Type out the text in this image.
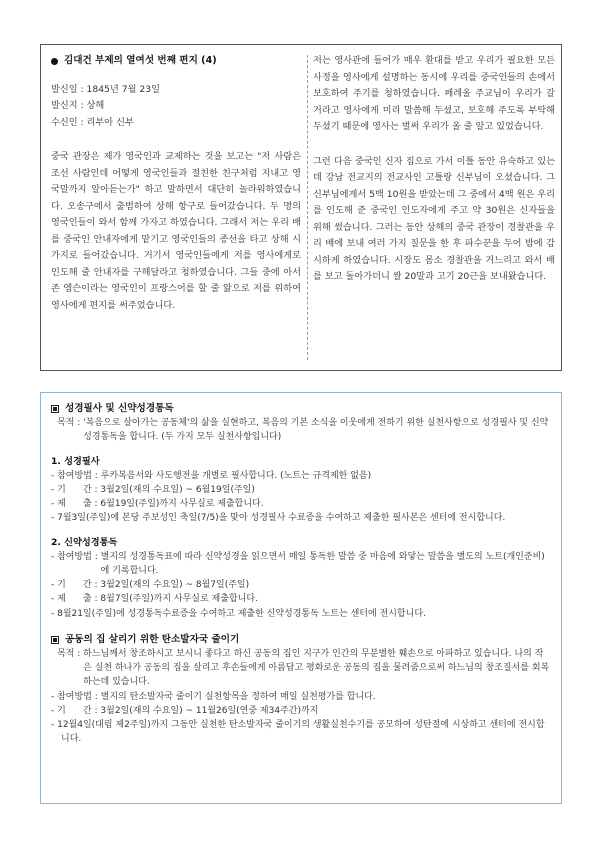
김대건 부제의 열여섯 번째 편지 (4)

발신일 : 1845년 7월 23일

발신지 : 상해

수신인 : 리부아 신부

중국 관장은 제가 영국인과 교제하는 것을 보고는 "저 사람은 조선 사람인데 어떻게 영국인들과 절친한 친구처럼 지내고 영국말까지 알아듣는가" 하고 말하면서 대단히 놀라워하였습니다. 오송구에서 출범하여 상해 항구로 들어갔습니다. 두 명의 영국인들이 와서 함께 가자고 하였습니다. 그래서 저는 우리 배를 중국인 안내자에게 맡기고 영국인들의 종선을 타고 상해 시가지로 들어갔습니다. 거기서 영국인들에게 저를 영사에게로 인도해 줄 안내자를 구해달라고 청하였습니다. 그들 중에 아서 존 엠슨이라는 영국인이 프랑스어를 할 줄 앎으로 저를 위하여 영사에게 편지를 써주었습니다.

저는 영사관에 들어가 매우 환대를 받고 우리가 필요한 모든 사정을 영사에게 설명하는 동시에 우리를 중국인들의 손에서 보호하여 주기를 청하였습니다. 페레올 주교님이 우리가 갈 거라고 영사에게 미리 말씀해 두셨고, 보호해 주도록 부탁해 두셨기 때문에 영사는 벌써 우리가 올 줄 알고 있었습니다.

그런 다음 중국인 신자 집으로 가서 이틀 동안 유숙하고 있는데 강남 전교지의 전교사인 고틀랑 신부님이 오셨습니다. 그 신부님에게서 5백 10원을 받았는데 그 중에서 4백 원은 우리를 인도해 준 중국인 인도자에게 주고 약 30원은 신자들을 위해 썼습니다. 그러는 동안 상해의 중국 관장이 경찰관을 우리 배에 보내 여러 가지 질문을 한 후 파수꾼을 두어 밤에 감시하게 하였습니다. 시장도 몸소 경찰관을 거느리고 와서 배를 보고 돌아가더니 쌀 20말과 고기 20근을 보내왔습니다.

성경필사 및 신약성경통독

목적 : '복음으로 살아가는 공동체'의 삶을 실현하고, 복음의 기본 소식을 이웃에게 전하기 위한 실천사항으로 성경필사 및 신약성경통독을 합니다. (두 가지 모두 실천사항입니다)

1. 성경필사

- 참여방법 : 루카복음서와 사도행전을 개별로 필사합니다. (노트는 규격제한 없음)
- 기      간 : 3월2일(재의 수요일) ~ 6월19일(주일)
- 제      출 : 6월19일(주일)까지 사무실로 제출합니다.

- 7월3일(주일)에 본당 주보성인 축일(7/5)을 맞아 성경필사 수료증을 수여하고 제출한 필사본은 센터에 전시합니다.

2. 신약성경통독

- 참여방법 : 별지의 성경통독표에 따라 신약성경을 읽으면서 매일 통독한 말씀 중 마음에 와닿는 말씀을 별도의 노트(개인준비)에 기록합니다.
- 기      간 : 3월2일(재의 수요일) ~ 8월7일(주일)
- 제      출 : 8월7일(주일)까지 사무실로 제출합니다.

- 8월21일(주일)에 성경통독수료증을 수여하고 제출한 신약성경통독 노트는 센터에 전시합니다.

공동의 집 살리기 위한 탄소발자국 줄이기

목적 : 하느님께서 창조하시고 보시니 좋다고 하신 공동의 집인 지구가 인간의 무분별한 훼손으로 아파하고 있습니다. 나의 작은 실천 하나가 공동의 집을 살리고 후손들에게 아름답고 평화로운 공동의 집을 물려줌으로써 하느님의 창조질서를 회복하는데 있습니다.
- 참여방법 : 별지의 탄소발자국 줄이기 실천항목을 정하여 매일 실천평가를 합니다.
- 기      간 : 3월2일(재의 수요일) ~ 11월26일(연중 제34주간)까지

- 12월4일(대림 제2주일)까지 그동안 실천한 탄소발자국 줄이기의 생활실천수기를 공모하여 성탄절에 시상하고 센터에 전시합니다.
